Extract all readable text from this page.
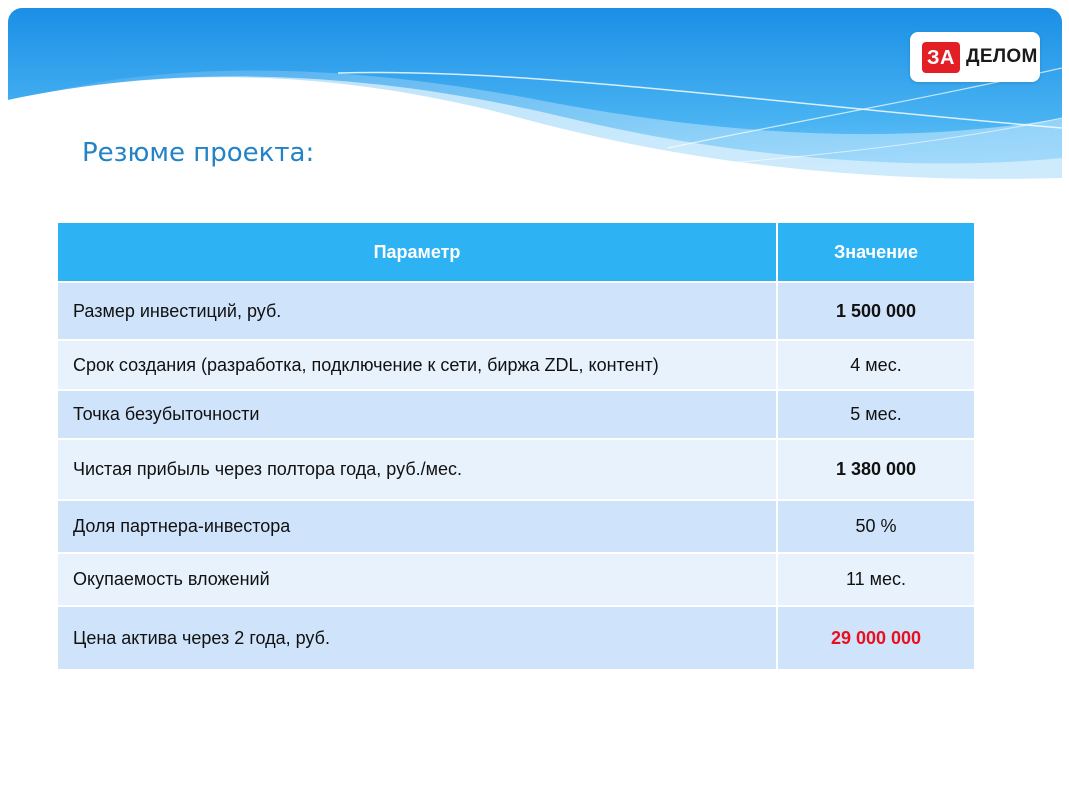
ЗА ДЕЛОМ
Резюме проекта:
Параметр	Значение
Размер инвестиций, руб.	1 500 000
Срок создания (разработка, подключение к сети, биржа ZDL, контент)	4 мес.
Точка безубыточности	5 мес.
Чистая прибыль через полтора года, руб./мес.	1 380 000
Доля партнера-инвестора	50 %
Окупаемость вложений	11 мес.
Цена актива через 2 года, руб.	29 000 000
